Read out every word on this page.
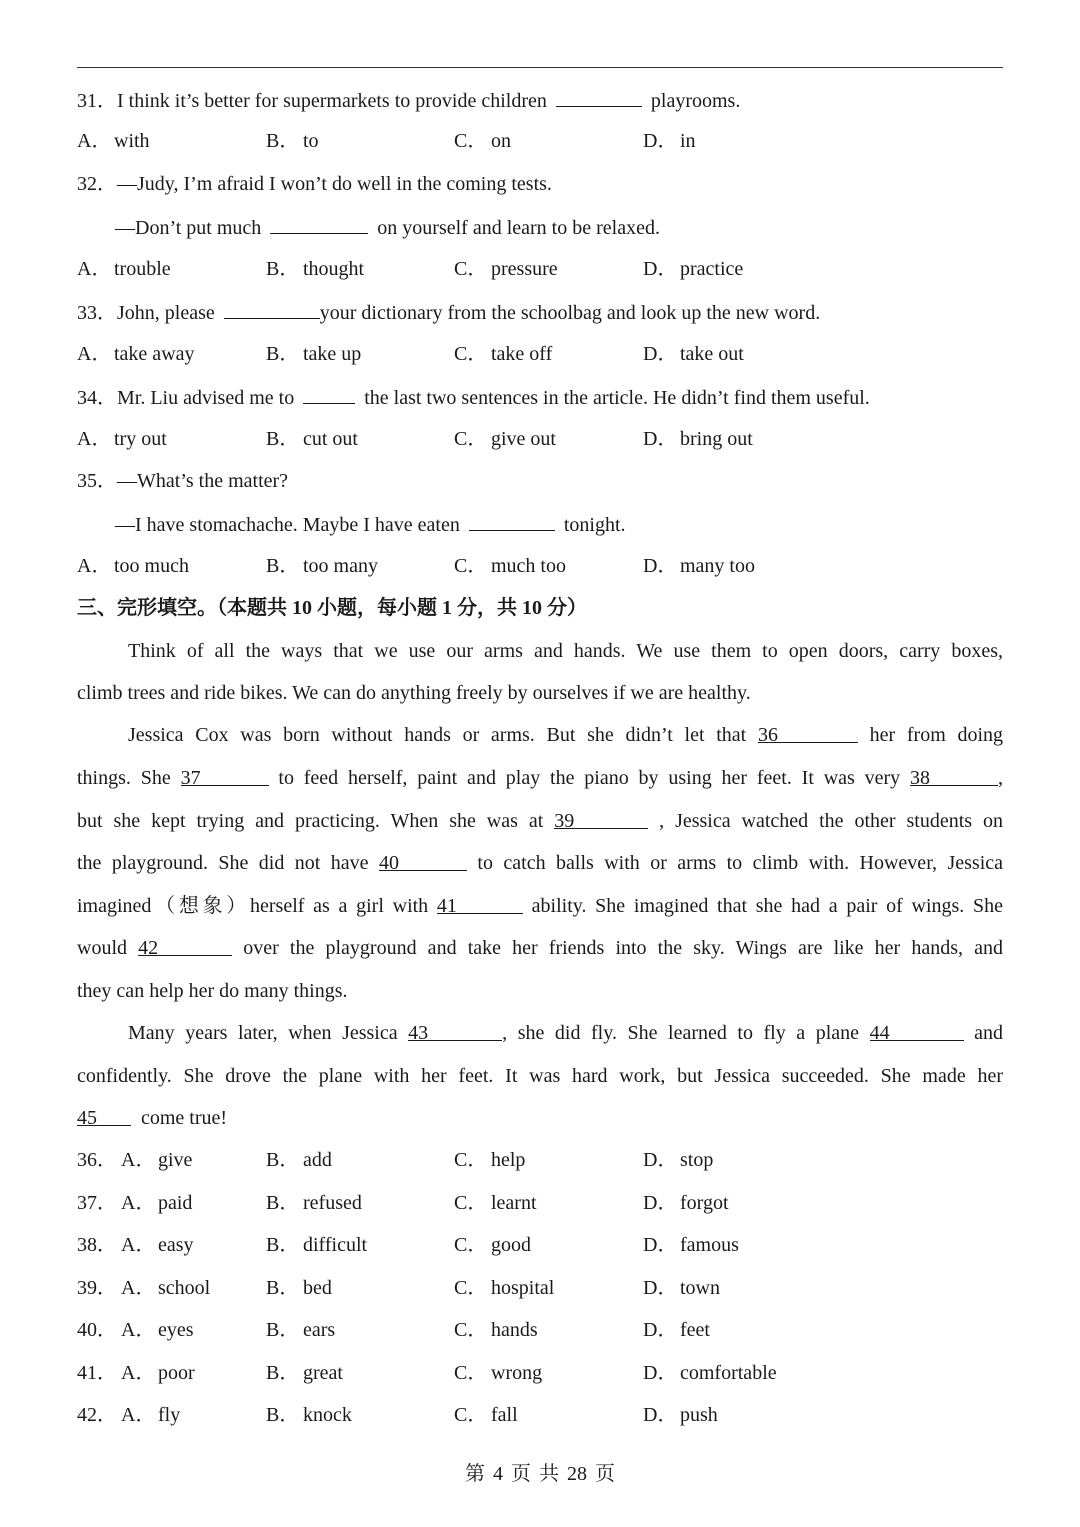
31．I think it’s better for supermarkets to provide children	playrooms.
A． with	B． to	C． on	D． in
32．—Judy, I’m afraid I won’t do well in the coming tests.
—Don’t put much	on yourself and learn to be relaxed.
A． trouble	B． thought	C． pressure	D． practice
33．John, please	your dictionary from the schoolbag and look up the new word.
A． take away	B． take up	C． take off	D． take out
34．Mr. Liu advised me to	the last two sentences in the article. He didn’t find them useful.
A． try out	B． cut out	C． give out	D． bring out
35．—What’s the matter?
—I have stomachache. Maybe I have eaten	tonight.
A． too much	B． too many	C． much too	D． many too
三、完形填空。（本题共 10 小题，每小题 1 分，共 10 分）
Think of all the ways that we use our arms and hands. We use them to open doors, carry boxes,
climb trees and ride bikes. We can do anything freely by ourselves if we are healthy.
Jessica Cox was born without hands or arms. But she didn’t let that 36	her from doing
things. She 37	to feed herself, paint and play the piano by using her feet. It was very 38	,
but she kept trying and practicing. When she was at 39	, Jessica watched the other students on
the playground. She did not have 40	to catch balls with or arms to climb with. However, Jessica
imagined（想象）herself as a girl with 41	ability. She imagined that she had a pair of wings. She
would 42	over the playground and take her friends into the sky. Wings are like her hands, and
they can help her do many things.
Many years later, when Jessica 43	, she did fly. She learned to fly a plane 44	and
confidently. She drove the plane with her feet. It was hard work, but Jessica succeeded. She made her
45 come true!
36． A． give	B． add	C． help	D． stop
37． A． paid	B． refused	C． learnt	D． forgot
38． A． easy	B． difficult	C． good	D． famous
39． A． school	B． bed	C． hospital	D． town
40． A． eyes	B． ears	C． hands	D． feet
41． A． poor	B． great	C． wrong	D． comfortable
42． A． fly	B． knock	C． fall	D． push
第 4 页 共 28 页
